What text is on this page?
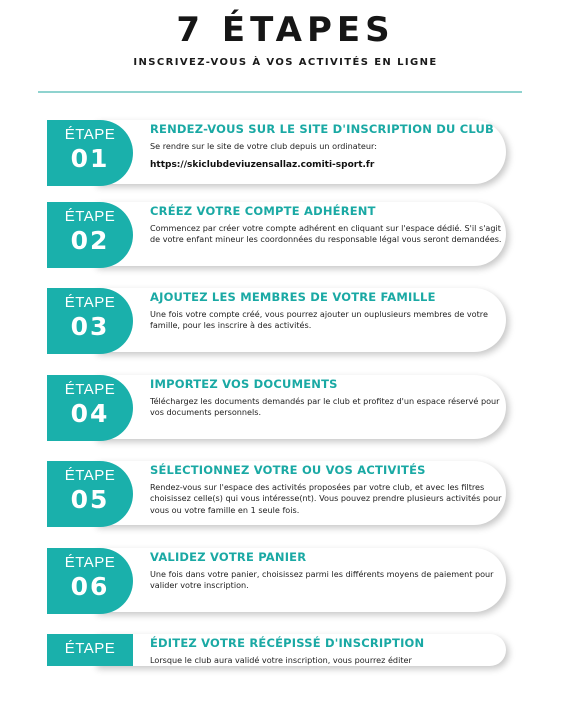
7 ÉTAPES
INSCRIVEZ-VOUS À VOS ACTIVITÉS EN LIGNE
ÉTAPE
01
RENDEZ-VOUS SUR LE SITE D'INSCRIPTION DU CLUB
Se rendre sur le site de votre club depuis un ordinateur:
https://skiclubdeviuzensallaz.comiti-sport.fr
ÉTAPE
02
CRÉEZ VOTRE COMPTE ADHÉRENT
Commencez par créer votre compte adhérent en cliquant sur l'espace dédié. S'il s'agit de votre enfant mineur les coordonnées du responsable légal vous seront demandées.
ÉTAPE
03
AJOUTEZ LES MEMBRES DE VOTRE FAMILLE
Une fois votre compte créé, vous pourrez ajouter un ouplusieurs membres de votre famille, pour les inscrire à des activités.
ÉTAPE
04
IMPORTEZ VOS DOCUMENTS
Téléchargez les documents demandés par le club et profitez d'un espace réservé pour vos documents personnels.
ÉTAPE
05
SÉLECTIONNEZ VOTRE OU VOS ACTIVITÉS
Rendez-vous sur l'espace des activités proposées par votre club, et avec les filtres choisissez celle(s) qui vous intéresse(nt). Vous pouvez prendre plusieurs activités pour vous ou votre famille en 1 seule fois.
ÉTAPE
06
VALIDEZ VOTRE PANIER
Une fois dans votre panier, choisissez parmi les différents moyens de paiement pour valider votre inscription.
ÉTAPE	ÉDITEZ VOTRE RÉCÉPISSÉ D'INSCRIPTION
Lorsque le club aura validé votre inscription, vous pourrez éditer
